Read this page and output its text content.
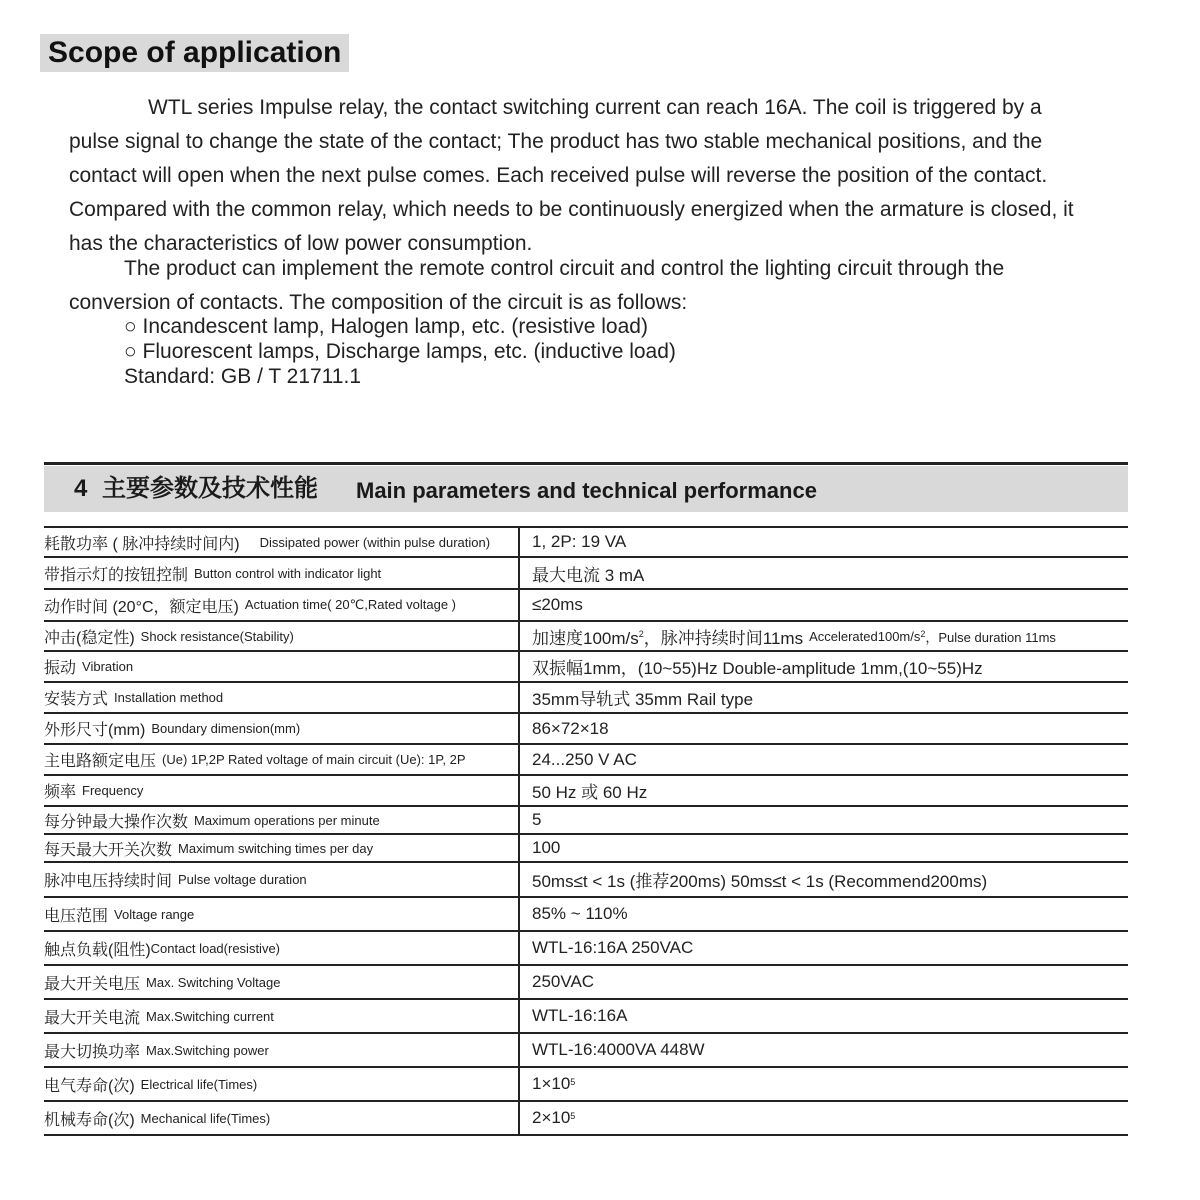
Scope of application
WTL series Impulse relay, the contact switching current can reach 16A. The coil is triggered by a
pulse signal to change the state of the contact; The product has two stable mechanical positions, and the
contact will open when the next pulse comes. Each received pulse will reverse the position of the contact.
Compared with the common relay, which needs to be continuously energized when the armature is closed, it
has the characteristics of low power consumption.
The product can implement the remote control circuit and control the lighting circuit through the
conversion of contacts. The composition of the circuit is as follows:
○ Incandescent lamp, Halogen lamp, etc. (resistive load)
○ Fluorescent lamps, Discharge lamps, etc. (inductive load)
Standard: GB / T 21711.1
4 主要参数及技术性能 Main parameters and technical performance
耗散功率 ( 脉冲持续时间内) Dissipated power (within pulse duration) 1, 2P: 19 VA
带指示灯的按钮控制 Button control with indicator light	最大电流 3 mA
动作时间 (20°C，额定电压) Actuation time( 20℃,Rated voltage )	≤20ms
冲击(稳定性) Shock resistance(Stability)	加速度100m/s 2 ，脉冲持续时间11ms Accelerated100m/s 2 ，Pulse duration 11ms
振动 Vibration	双振幅1mm，(10~55)Hz Double-amplitude 1mm,(10~55)Hz
安装方式 Installation method	35mm导轨式 35mm Rail type
外形尺寸(mm) Boundary dimension(mm)	86×72×18
主电路额定电压 (Ue) 1P,2P Rated voltage of main circuit (Ue): 1P, 2P	24...250 V AC
频率 Frequency	50 Hz 或 60 Hz
每分钟最大操作次数 Maximum operations per minute	5
每天最大开关次数 Maximum switching times per day	100
脉冲电压持续时间 Pulse voltage duration	50ms≤t < 1s (推荐200ms) 50ms≤t < 1s (Recommend200ms)
电压范围 Voltage range	85% ~ 110%
触点负载(阻性) Contact load(resistive)	WTL-16:16A 250VAC
最大开关电压 Max. Switching Voltage	250VAC
最大开关电流 Max.Switching current	WTL-16:16A
最大切换功率 Max.Switching power	WTL-16:4000VA 448W
电气寿命(次) Electrical life(Times)	1×10 5
机械寿命(次) Mechanical life(Times)	2×10 5
